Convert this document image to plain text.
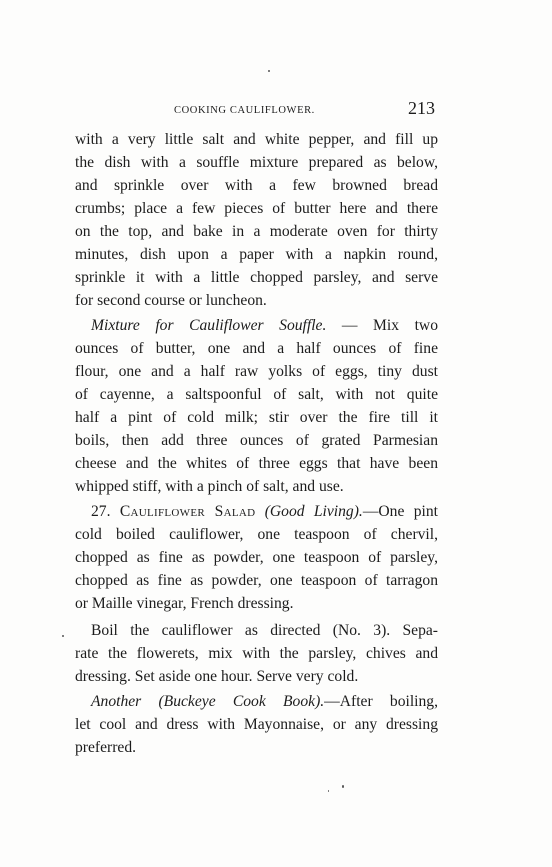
COOKING CAULIFLOWER.	213
with a very little salt and white pepper, and fill up
the dish with a souffle mixture prepared as below,
and sprinkle over with a few browned bread
crumbs; place a few pieces of butter here and there
on the top, and bake in a moderate oven for thirty
minutes, dish upon a paper with a napkin round,
sprinkle it with a little chopped parsley, and serve
for second course or luncheon.
Mixture for Cauliflower Souffle. — Mix two
ounces of butter, one and a half ounces of fine
flour, one and a half raw yolks of eggs, tiny dust
of cayenne, a saltspoonful of salt, with not quite
half a pint of cold milk; stir over the fire till it
boils, then add three ounces of grated Parmesian
cheese and the whites of three eggs that have been
whipped stiff, with a pinch of salt, and use.
27. Cauliflower Salad (Good Living).—One pint
cold boiled cauliflower, one teaspoon of chervil,
chopped as fine as powder, one teaspoon of parsley,
chopped as fine as powder, one teaspoon of tarragon
or Maille vinegar, French dressing.
Boil the cauliflower as directed (No. 3). Sepa-
rate the flowerets, mix with the parsley, chives and
dressing. Set aside one hour. Serve very cold.
Another (Buckeye Cook Book).—After boiling,
let cool and dress with Mayonnaise, or any dressing
preferred.
